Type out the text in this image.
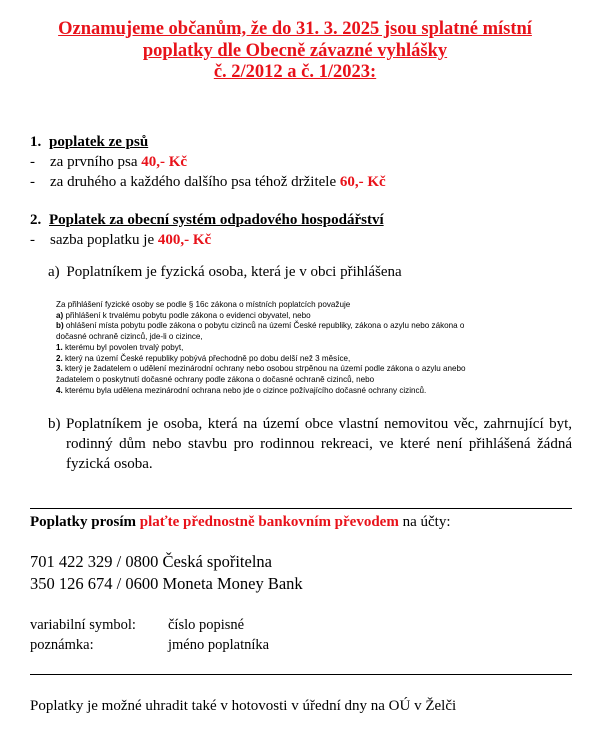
Oznamujeme občanům, že do 31. 3. 2025 jsou splatné místní
poplatky dle Obecně závazné vyhlášky
č. 2/2012 a č. 1/2023:
1. poplatek ze psů
- za prvního psa 40,- Kč
- za druhého a každého dalšího psa téhož držitele 60,- Kč
2. Poplatek za obecní systém odpadového hospodářství
- sazba poplatku je 400,- Kč
a) Poplatníkem je fyzická osoba, která je v obci přihlášena
Za přihlášení fyzické osoby se podle § 16c zákona o místních poplatcích považuje
a) přihlášení k trvalému pobytu podle zákona o evidenci obyvatel, nebo
b) ohlášení místa pobytu podle zákona o pobytu cizinců na území České republiky, zákona o azylu nebo zákona o
dočasné ochraně cizinců, jde-li o cizince,
1. kterému byl povolen trvalý pobyt,
2. který na území České republiky pobývá přechodně po dobu delší než 3 měsíce,
3. který je žadatelem o udělení mezinárodní ochrany nebo osobou strpěnou na území podle zákona o azylu anebo
žadatelem o poskytnutí dočasné ochrany podle zákona o dočasné ochraně cizinců, nebo
4. kterému byla udělena mezinárodní ochrana nebo jde o cizince požívajícího dočasné ochrany cizinců.
b) Poplatníkem je osoba, která na území obce vlastní nemovitou věc, zahrnující byt, rodinný dům nebo stavbu pro rodinnou rekreaci, ve které není přihlášená žádná fyzická osoba.
Poplatky prosím plaťte přednostně bankovním převodem na účty:
701 422 329 / 0800 Česká spořitelna
350 126 674 / 0600 Moneta Money Bank
variabilní symbol: číslo popisné
poznámka:	jméno poplatníka
Poplatky je možné uhradit také v hotovosti v úřední dny na OÚ v Želči
